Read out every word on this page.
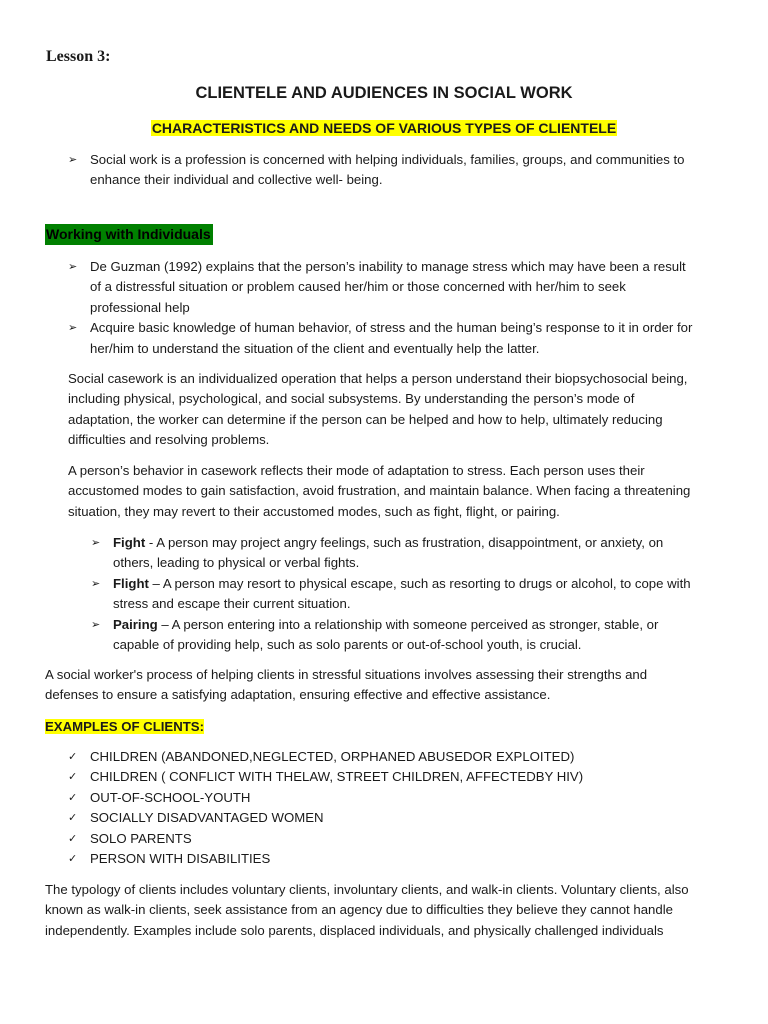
Lesson 3:
CLIENTELE AND AUDIENCES IN SOCIAL WORK
CHARACTERISTICS AND NEEDS OF VARIOUS TYPES OF CLIENTELE
➢ Social work is a profession is concerned with helping individuals, families, groups, and communities to
enhance their individual and collective well- being.
Working with Individuals
➢ De Guzman (1992) explains that the person’s inability to manage stress which may have been a result
of a distressful situation or problem caused her/him or those concerned with her/him to seek
professional help
➢ Acquire basic knowledge of human behavior, of stress and the human being’s response to it in order for
her/him to understand the situation of the client and eventually help the latter.
Social casework is an individualized operation that helps a person understand their biopsychosocial being,
including physical, psychological, and social subsystems. By understanding the person’s mode of
adaptation, the worker can determine if the person can be helped and how to help, ultimately reducing
difficulties and resolving problems.
A person’s behavior in casework reflects their mode of adaptation to stress. Each person uses their
accustomed modes to gain satisfaction, avoid frustration, and maintain balance. When facing a threatening
situation, they may revert to their accustomed modes, such as fight, flight, or pairing.
➢ Fight - A person may project angry feelings, such as frustration, disappointment, or anxiety, on
others, leading to physical or verbal fights.
➢ Flight – A person may resort to physical escape, such as resorting to drugs or alcohol, to cope with
stress and escape their current situation.
➢ Pairing – A person entering into a relationship with someone perceived as stronger, stable, or
capable of providing help, such as solo parents or out-of-school youth, is crucial.
A social worker's process of helping clients in stressful situations involves assessing their strengths and
defenses to ensure a satisfying adaptation, ensuring effective and effective assistance.
EXAMPLES OF CLIENTS:
✓ CHILDREN (ABANDONED,NEGLECTED, ORPHANED ABUSEDOR EXPLOITED)
✓ CHILDREN ( CONFLICT WITH THELAW, STREET CHILDREN, AFFECTEDBY HIV)
✓ OUT-OF-SCHOOL-YOUTH
✓ SOCIALLY DISADVANTAGED WOMEN
✓ SOLO PARENTS
✓ PERSON WITH DISABILITIES
The typology of clients includes voluntary clients, involuntary clients, and walk-in clients. Voluntary clients, also
known as walk-in clients, seek assistance from an agency due to difficulties they believe they cannot handle
independently. Examples include solo parents, displaced individuals, and physically challenged individuals
